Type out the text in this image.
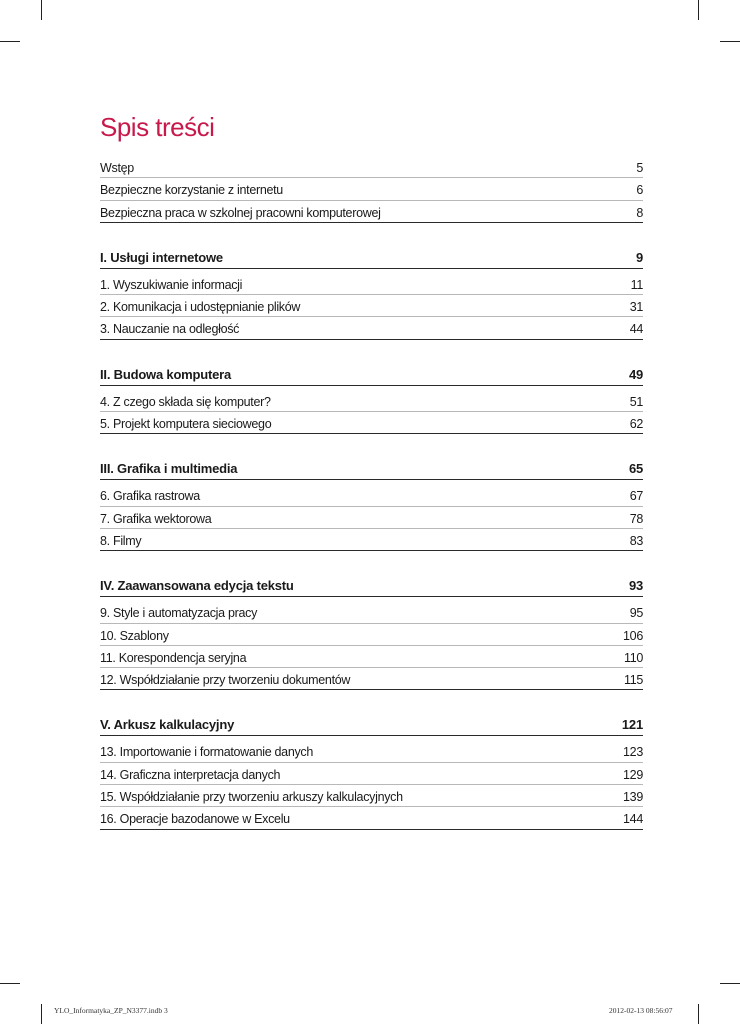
Spis treści
Wstęp	5
Bezpieczne korzystanie z internetu	6
Bezpieczna praca w szkolnej pracowni komputerowej	8
I. Usługi internetowe	9
1. Wyszukiwanie informacji	11
2. Komunikacja i udostępnianie plików	31
3. Nauczanie na odległość	44
II. Budowa komputera	49
4. Z czego składa się komputer?	51
5. Projekt komputera sieciowego	62
III. Grafika i multimedia	65
6. Grafika rastrowa	67
7. Grafika wektorowa	78
8. Filmy	83
IV. Zaawansowana edycja tekstu	93
9. Style i automatyzacja pracy	95
10. Szablony	106
11. Korespondencja seryjna	110
12. Współdziałanie przy tworzeniu dokumentów	115
V. Arkusz kalkulacyjny	121
13. Importowanie i formatowanie danych	123
14. Graficzna interpretacja danych	129
15. Współdziałanie przy tworzeniu arkuszy kalkulacyjnych	139
16. Operacje bazodanowe w Excelu	144
YLO_Informatyka_ZP_N3377.indb 3	2012-02-13 08:56:07
